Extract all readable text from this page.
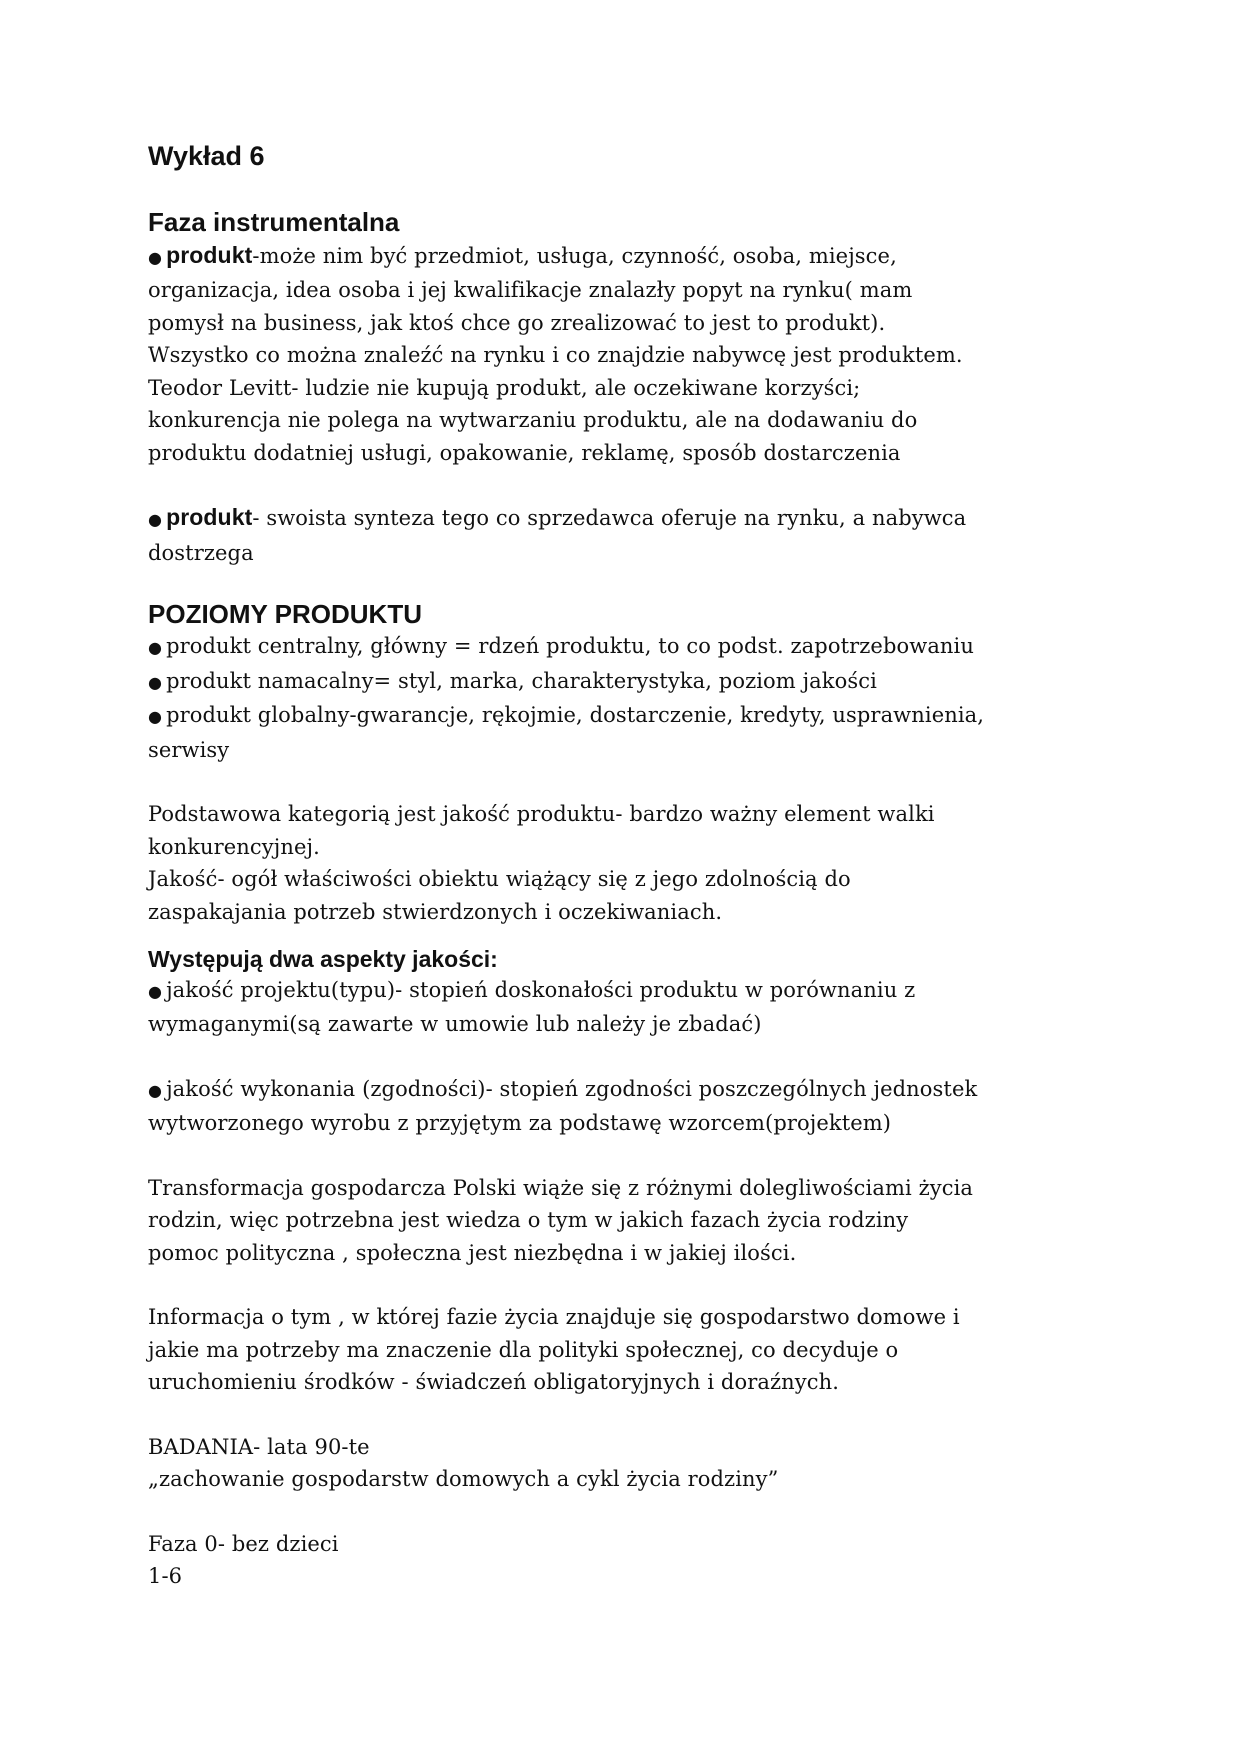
Wykład 6
Faza instrumentalna
● produkt-może nim być przedmiot, usługa, czynność, osoba, miejsce,
organizacja, idea osoba i jej kwalifikacje znalazły popyt na rynku( mam
pomysł na business, jak ktoś chce go zrealizować to jest to produkt).
Wszystko co można znaleźć na rynku i co znajdzie nabywcę jest produktem.
Teodor Levitt- ludzie nie kupują produkt, ale oczekiwane korzyści;
konkurencja nie polega na wytwarzaniu produktu, ale na dodawaniu do
produktu dodatniej usługi, opakowanie, reklamę, sposób dostarczenia
● produkt- swoista synteza tego co sprzedawca oferuje na rynku, a nabywca
dostrzega
POZIOMY PRODUKTU
● produkt centralny, główny = rdzeń produktu, to co podst. zapotrzebowaniu
● produkt namacalny= styl, marka, charakterystyka, poziom jakości
● produkt globalny-gwarancje, rękojmie, dostarczenie, kredyty, usprawnienia,
serwisy
Podstawowa kategorią jest jakość produktu- bardzo ważny element walki
konkurencyjnej.
Jakość- ogół właściwości obiektu wiążący się z jego zdolnością do
zaspakajania potrzeb stwierdzonych i oczekiwaniach.
Występują dwa aspekty jakości:
● jakość projektu(typu)- stopień doskonałości produktu w porównaniu z
wymaganymi(są zawarte w umowie lub należy je zbadać)
● jakość wykonania (zgodności)- stopień zgodności poszczególnych jednostek
wytworzonego wyrobu z przyjętym za podstawę wzorcem(projektem)
Transformacja gospodarcza Polski wiąże się z różnymi dolegliwościami życia
rodzin, więc potrzebna jest wiedza o tym w jakich fazach życia rodziny
pomoc polityczna , społeczna jest niezbędna i w jakiej ilości.
Informacja o tym , w której fazie życia znajduje się gospodarstwo domowe i
jakie ma potrzeby ma znaczenie dla polityki społecznej, co decyduje o
uruchomieniu środków - świadczeń obligatoryjnych i doraźnych.
BADANIA- lata 90-te
„zachowanie gospodarstw domowych a cykl życia rodziny”
Faza 0- bez dzieci
1-6
